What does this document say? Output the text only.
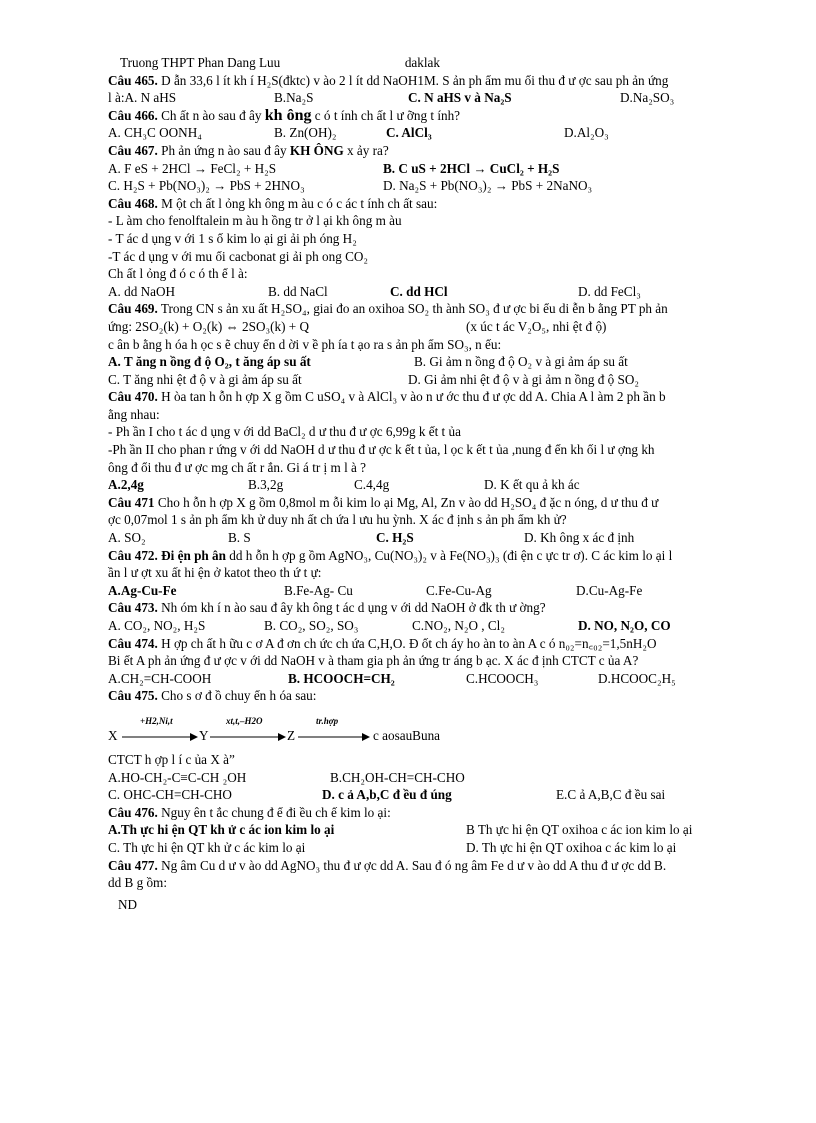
Truong THPT Phan Dang Luu	daklak
Câu 465. D ẫn 33,6 l ít kh í H₂S(đktc) v ào 2 l ít dd NaOH1M. S ản ph ẩm mu ối thu đ ư ợc sau ph ản ứng
l à:A. N aHS	B.Na₂S	C. N aHS v à Na₂S	D.Na₂SO₃
Câu 466. Ch ất n ào sau đ ây kh ông c ó t ính ch ất l ư ỡng t ính?
A. CH₃C OONH₄	B. Zn(OH)₂	C. AlCl₃	D.Al₂O₃
Câu 467. Ph ản ứng n ào sau đ ây KH ÔNG x ảy ra?
A. F eS + 2HCl → FeCl₂ + H₂S	B. C uS + 2HCl → CuCl₂ + H₂S
C. H₂S + Pb(NO₃)₂ → PbS + 2HNO₃	D. Na₂S + Pb(NO₃)₂ → PbS + 2NaNO₃
Câu 468. M ột ch ất l ỏng kh ông m àu c ó c ác t ính ch ất sau:
- L àm cho fenolftalein m àu h ồng tr ở l ại kh ông m àu
- T ác d ụng v ới 1 s ố kim lo ại gi ải ph óng H₂
-T ác d ụng v ới mu ối cacbonat gi ải ph ong CO₂
Ch ất l ỏng đ ó c ó th ể l à:
A. dd NaOH	B. dd NaCl	C. dd HCl	D. dd FeCl₃
Câu 469. Trong CN s ản xu ất H₂SO₄, giai đo an oxihoa SO₂ th ành SO₃ đ ư ợc bi ểu di ễn b ằng PT ph ản
ứng: 2SO₂(k) + O₂(k) ⇔ 2SO₃(k) + Q	(x úc t ác V₂O₅, nhi ệt đ ộ)
c ân b ằng h óa h ọc s ẽ chuy ển d ời v ề ph ía t ạo ra s ản ph ẩm SO₃, n ếu:
A. T ăng n ồng đ ộ O₂, t ăng áp su ất	B. Gi ảm n ồng đ ộ O₂ v à gi ảm áp su ất
C. T ăng nhi ệt đ ộ v à gi ảm áp su ất	D. Gi ảm nhi ệt đ ộ v à gi ảm n ồng đ ộ SO₂
Câu 470. H òa tan h ỗn h ợp X g ồm C uSO₄ v à AlCl₃ v ào n ư ớc thu đ ư ợc dd A. Chia A l àm 2 ph ần b
ằng nhau:
- Ph ần I cho t ác d ụng v ới dd BaCl₂ d ư thu đ ư ợc 6,99g k ết t ủa
-Ph ần II cho phan r ứng v ới dd NaOH d ư thu đ ư ợc k ết t ủa, l ọc k ết t ủa ,nung đ ến kh ối l ư ợng kh
ông đ ổi thu đ ư ợc mg ch ất r ắn. Gi á tr ị m l à ?
A.2,4g	B.3,2g	C.4,4g	D. K ết qu ả kh ác
Câu 471 Cho h ỗn h ợp X g ồm 0,8mol m ỗi kim lo ại Mg, Al, Zn v ào dd H₂SO₄ đ ặc n óng, d ư thu đ ư
ợc 0,07mol 1 s ản ph ẩm kh ử duy nh ất ch ứa l ưu hu ỳnh. X ác đ ịnh s ản ph ẩm kh ử?
A. SO₂	B. S	C. H₂S	D. Kh ông x ác đ ịnh
Câu 472. Đi ện ph ân dd h ỗn h ợp g ồm AgNO₃, Cu(NO₃)₂ v à Fe(NO₃)₃ (đi ện c ực tr ơ). C ác kim lo ại l
ần l ư ợt xu ất hi ện ở katot theo th ứ t ự:
A.Ag-Cu-Fe	B.Fe-Ag- Cu	C.Fe-Cu-Ag	D.Cu-Ag-Fe
Câu 473. Nh óm kh í n ào sau đ ây kh ông t ác d ụng v ới dd NaOH ở đk th ư ờng?
A. CO₂, NO₂, H₂S	B. CO₂, SO₂, SO₃	C.NO₂, N₂O , Cl₂	D. NO, N₂O, CO
Câu 474. H ợp ch ất h ữu c ơ A đ ơn ch ức ch ứa C,H,O. Đ ốt ch áy ho àn to àn A c ó n₀₂=n꜀₀₂=1,5nH₂O
Bi ết A ph ản ứng đ ư ợc v ới dd NaOH v à tham gia ph ản ứng tr áng b ạc. X ác đ ịnh CTCT c ủa A?
A.CH₂=CH-COOH	B. HCOOCH=CH₂	C.HCOOCH₃	D.HCOOC₂H₅
Câu 475. Cho s ơ đ ồ chuy ển h óa sau:
X
+H2,Ni,t
Y
xt,t,–H2O
Z
tr.hợp
c aosauBuna
CTCT h ợp l í c ủa X à”
A.HO-CH₂-C≡C-CH ₂OH	B.CH₂OH-CH=CH-CHO
C. OHC-CH=CH-CHO	D. c ả A,b,C đ ều đ úng	E.C ả A,B,C đ ều sai
Câu 476. Nguy ên t ắc chung đ ể đi ều ch ế kim lo ại:
A.Th ực hi ện QT kh ử c ác ion kim lo ại	B Th ực hi ện QT oxihoa c ác ion kim lo ại
C. Th ực hi ện QT kh ử c ác kim lo ại	D. Th ực hi ện QT oxihoa c ác kim lo ại
Câu 477. Ng âm Cu d ư v ào dd AgNO₃ thu đ ư ợc dd A. Sau đ ó ng âm Fe d ư v ào dd A thu đ ư ợc dd B.
dd B g ồm:
ND
